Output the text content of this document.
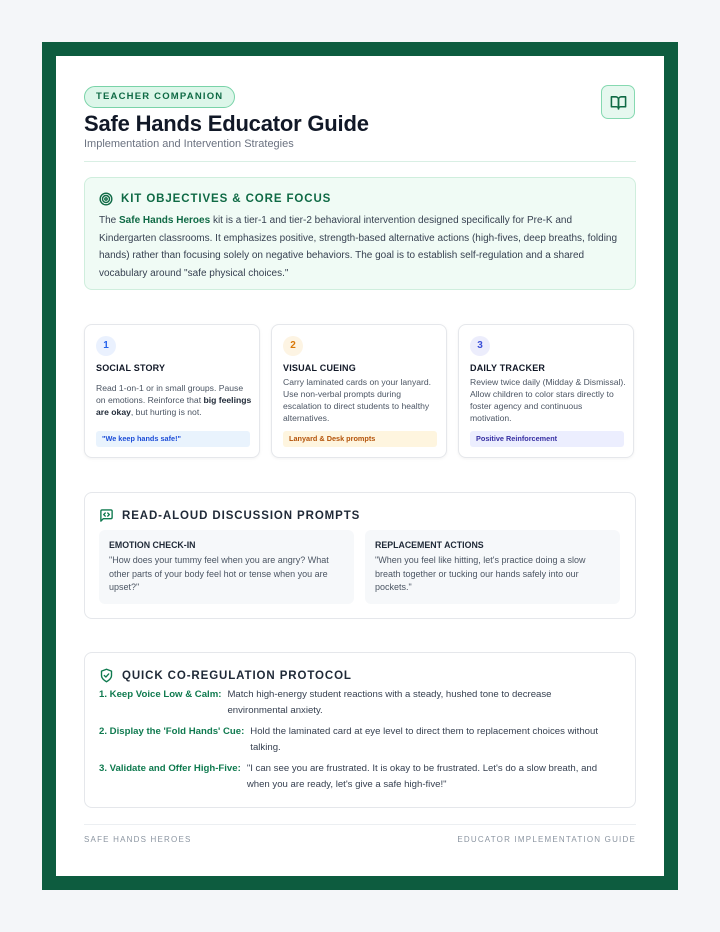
TEACHER COMPANION
Safe Hands Educator Guide
Implementation and Intervention Strategies
KIT OBJECTIVES & CORE FOCUS
The Safe Hands Heroes kit is a tier-1 and tier-2 behavioral intervention designed specifically for Pre-K and Kindergarten classrooms. It emphasizes positive, strength-based alternative actions (high-fives, deep breaths, folding hands) rather than focusing solely on negative behaviors. The goal is to establish self-regulation and a shared vocabulary around "safe physical choices."
1
SOCIAL STORY
Read 1-on-1 or in small groups. Pause on emotions. Reinforce that big feelings are okay, but hurting is not.
"We keep hands safe!"
2
VISUAL CUEING
Carry laminated cards on your lanyard. Use non-verbal prompts during escalation to direct students to healthy alternatives.
Lanyard & Desk prompts
3
DAILY TRACKER
Review twice daily (Midday & Dismissal). Allow children to color stars directly to foster agency and continuous motivation.
Positive Reinforcement
READ-ALOUD DISCUSSION PROMPTS
EMOTION CHECK-IN
"How does your tummy feel when you are angry? What other parts of your body feel hot or tense when you are upset?"
REPLACEMENT ACTIONS
"When you feel like hitting, let's practice doing a slow breath together or tucking our hands safely into our pockets."
QUICK CO-REGULATION PROTOCOL
1. Keep Voice Low & Calm: Match high-energy student reactions with a steady, hushed tone to decrease environmental anxiety.
2. Display the 'Fold Hands' Cue: Hold the laminated card at eye level to direct them to replacement choices without talking.
3. Validate and Offer High-Five: "I can see you are frustrated. It is okay to be frustrated. Let's do a slow breath, and when you are ready, let's give a safe high-five!"
SAFE HANDS HEROES	EDUCATOR IMPLEMENTATION GUIDE
